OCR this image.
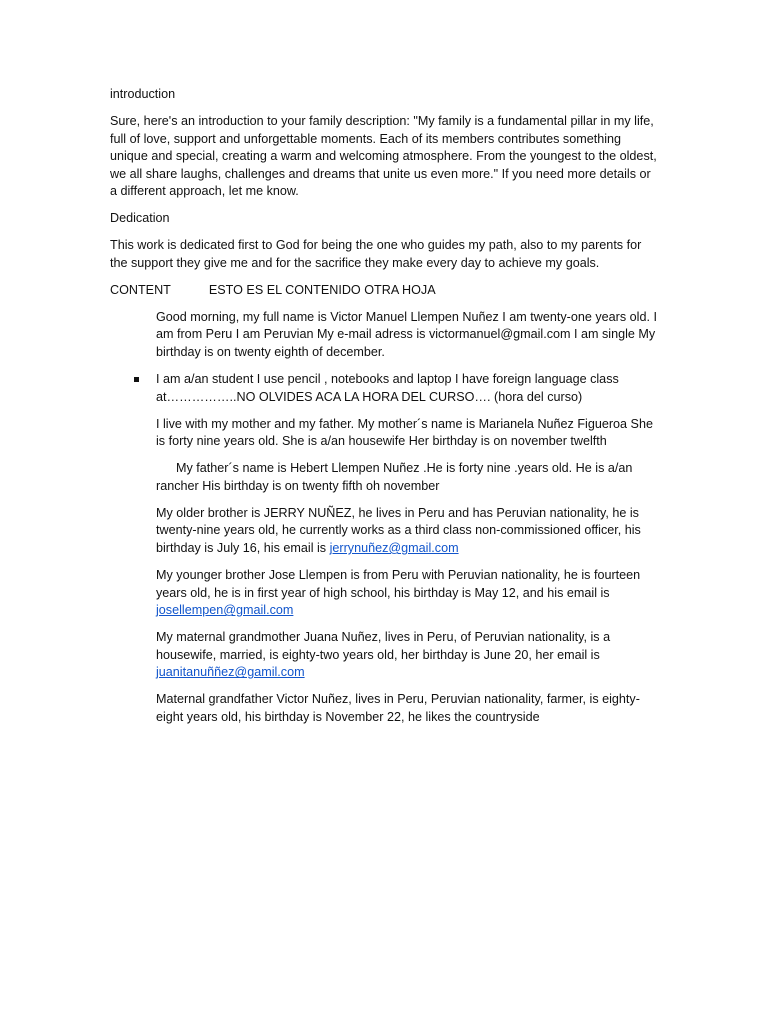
introduction

Sure, here's an introduction to your family description: "My family is a fundamental pillar in my life, full of love, support and unforgettable moments. Each of its members contributes something unique and special, creating a warm and welcoming atmosphere. From the youngest to the oldest, we all share laughs, challenges and dreams that unite us even more." If you need more details or a different approach, let me know.

Dedication

This work is dedicated first to God for being the one who guides my path, also to my parents for the support they give me and for the sacrifice they make every day to achieve my goals.

CONTENT	ESTO ES EL CONTENIDO OTRA HOJA

Good morning, my full name is Victor Manuel Llempen Nuñez I am twenty-one years old. I am from Peru I am Peruvian My e-mail adress is victormanuel@gmail.com I am single My birthday is on twenty eighth of december.

I am a/an student I use pencil , notebooks and laptop I have foreign language class at……………..NO OLVIDES ACA LA HORA DEL CURSO…. (hora del curso)

I live with my mother and my father. My mother´s name is Marianela Nuñez Figueroa She is forty nine years old. She is a/an housewife Her birthday is on november twelfth

My father´s name is Hebert Llempen Nuñez .He is forty nine .years old. He is a/an rancher His birthday is on twenty fifth oh november

My older brother is JERRY NUÑEZ, he lives in Peru and has Peruvian nationality, he is twenty-nine years old, he currently works as a third class non-commissioned officer, his birthday is July 16, his email is jerrynuñez@gmail.com

My younger brother Jose Llempen is from Peru with Peruvian nationality, he is fourteen years old, he is in first year of high school, his birthday is May 12, and his email is josellempen@gmail.com

My maternal grandmother Juana Nuñez, lives in Peru, of Peruvian nationality, is a housewife, married, is eighty-two years old, her birthday is June 20, her email is juanitanuññez@gamil.com

Maternal grandfather Victor Nuñez, lives in Peru, Peruvian nationality, farmer, is eighty-eight years old, his birthday is November 22, he likes the countryside
